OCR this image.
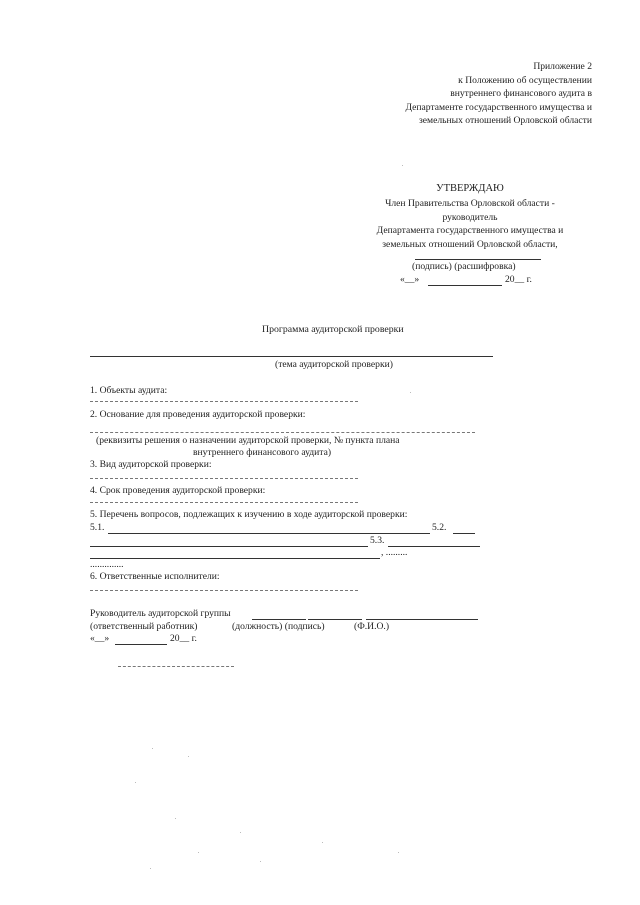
Приложение 2
к Положению об осуществлении
внутреннего финансового аудита в
Департаменте государственного имущества и
земельных отношений Орловской области
УТВЕРЖДАЮ
Член Правительства Орловской области -
руководитель
Департамента государственного имущества и
земельных отношений Орловской области,
(подпись) (расшифровка)
«__»	20__ г.
Программа аудиторской проверки
(тема аудиторской проверки)
1. Объекты аудита:
2. Основание для проведения аудиторской проверки:
(реквизиты решения о назначении аудиторской проверки, № пункта плана
внутреннего финансового аудита)
3. Вид аудиторской проверки:
4. Срок проведения аудиторской проверки:
5. Перечень вопросов, подлежащих к изучению в ходе аудиторской проверки:
5.1.	5.2.
5.3.
, .........
..............
6. Ответственные исполнители:
Руководитель аудиторской группы
(ответственный работник)	(должность) (подпись)	(Ф.И.О.)
«__»	20__ г.
